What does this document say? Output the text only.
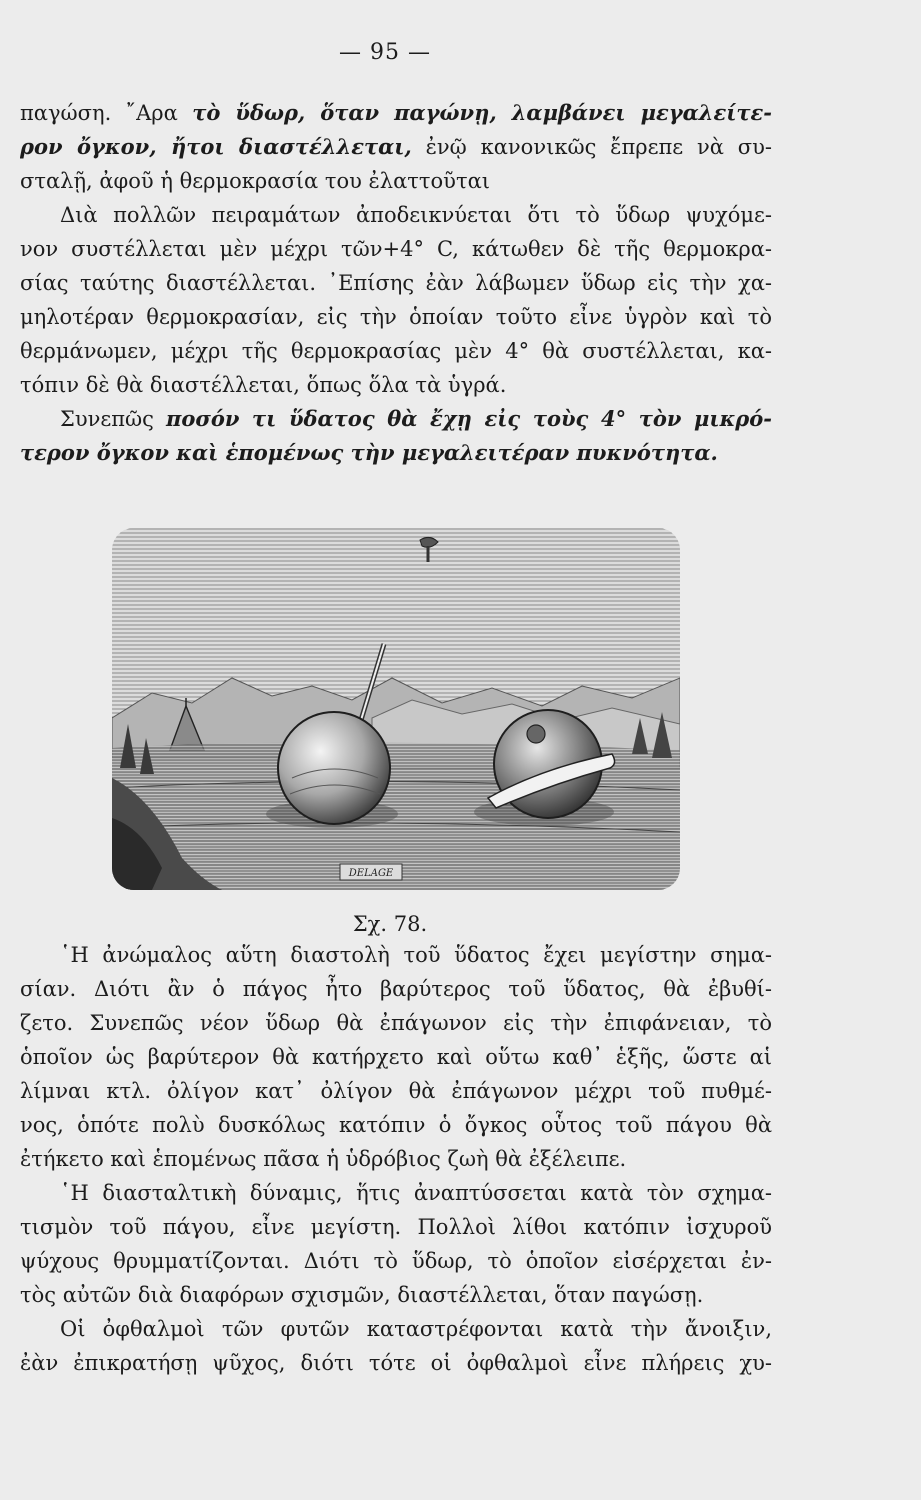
— 95 —
παγώση. ῎Αρα τὸ ὕδωρ, ὅταν παγώνῃ, λαμβάνει μεγαλείτε-
ρον ὄγκον, ἤτοι διαστέλλεται, ἐνῷ κανονικῶς ἔπρεπε νὰ συ-
σταλῇ, ἀφοῦ ἡ θερμοκρασία του ἐλαττοῦται
Διὰ πολλῶν πειραμάτων ἀποδεικνύεται ὅτι τὸ ὕδωρ ψυχόμε-
νον συστέλλεται μὲν μέχρι τῶν+4° C, κάτωθεν δὲ τῆς θερμοκρα-
σίας ταύτης διαστέλλεται. ᾿Επίσης ἐὰν λάβωμεν ὕδωρ εἰς τὴν χα-
μηλοτέραν θερμοκρασίαν, εἰς τὴν ὁποίαν τοῦτο εἶνε ὑγρὸν καὶ τὸ
θερμάνωμεν, μέχρι τῆς θερμοκρασίας μὲν 4° θὰ συστέλλεται, κα-
τόπιν δὲ θὰ διαστέλλεται, ὅπως ὅλα τὰ ὑγρά.
Συνεπῶς ποσόν τι ὕδατος θὰ ἔχῃ εἰς τοὺς 4° τὸν μικρό-
τερον ὄγκον καὶ ἑπομένως τὴν μεγαλειτέραν πυκνότητα.
DELAGE
Σχ. 78.
῾Η ἀνώμαλος αὕτη διαστολὴ τοῦ ὕδατος ἔχει μεγίστην σημα-
σίαν. Διότι ἂν ὁ πάγος ἦτο βαρύτερος τοῦ ὕδατος, θὰ ἐβυθί-
ζετο. Συνεπῶς νέον ὕδωρ θὰ ἐπάγωνον εἰς τὴν ἐπιφάνειαν, τὸ
ὁποῖον ὡς βαρύτερον θὰ κατήρχετο καὶ οὕτω καθ᾿ ἑξῆς, ὥστε αἱ
λίμναι κτλ. ὀλίγον κατ᾿ ὀλίγον θὰ ἐπάγωνον μέχρι τοῦ πυθμέ-
νος, ὁπότε πολὺ δυσκόλως κατόπιν ὁ ὄγκος οὗτος τοῦ πάγου θὰ
ἐτήκετο καὶ ἑπομένως πᾶσα ἡ ὑδρόβιος ζωὴ θὰ ἐξέλειπε.
῾Η διασταλτικὴ δύναμις, ἥτις ἀναπτύσσεται κατὰ τὸν σχημα-
τισμὸν τοῦ πάγου, εἶνε μεγίστη. Πολλοὶ λίθοι κατόπιν ἰσχυροῦ
ψύχους θρυμματίζονται. Διότι τὸ ὕδωρ, τὸ ὁποῖον εἰσέρχεται ἐν-
τὸς αὐτῶν διὰ διαφόρων σχισμῶν, διαστέλλεται, ὅταν παγώσῃ.
Οἱ ὀφθαλμοὶ τῶν φυτῶν καταστρέφονται κατὰ τὴν ἄνοιξιν,
ἐὰν ἐπικρατήσῃ ψῦχος, διότι τότε οἱ ὀφθαλμοὶ εἶνε πλήρεις χυ-
